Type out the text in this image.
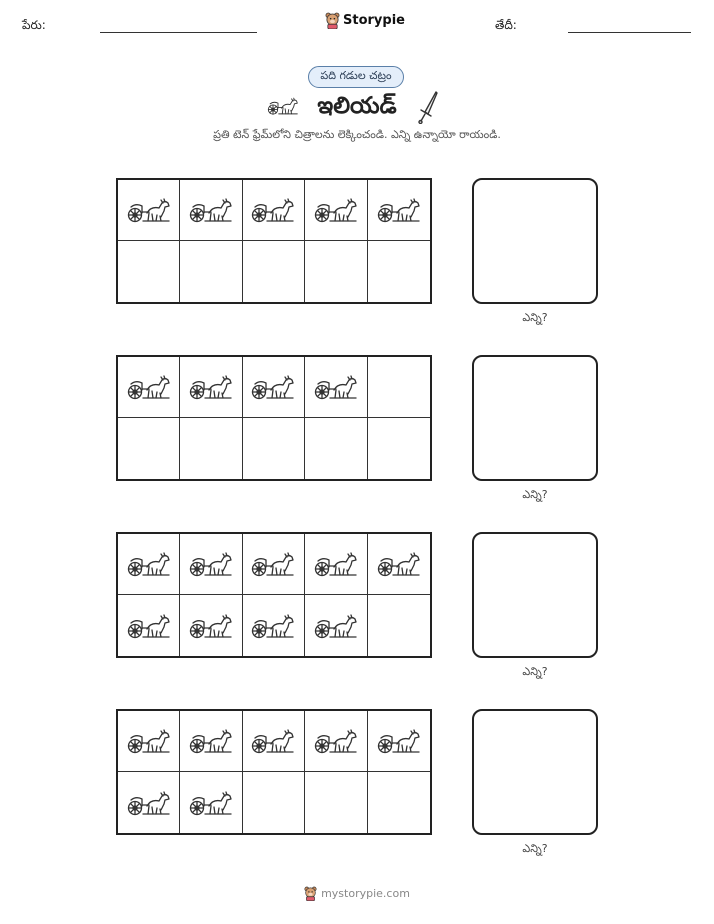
పేరు:	Storypie	తేదీ:
పది గడుల చట్రం
ఇలియడ్
ప్రతి టెన్ ఫ్రేమ్‌లోని చిత్రాలను లెక్కించండి. ఎన్ని ఉన్నాయో రాయండి.
ఎన్ని?
ఎన్ని?
ఎన్ని?
ఎన్ని?
mystorypie.com
